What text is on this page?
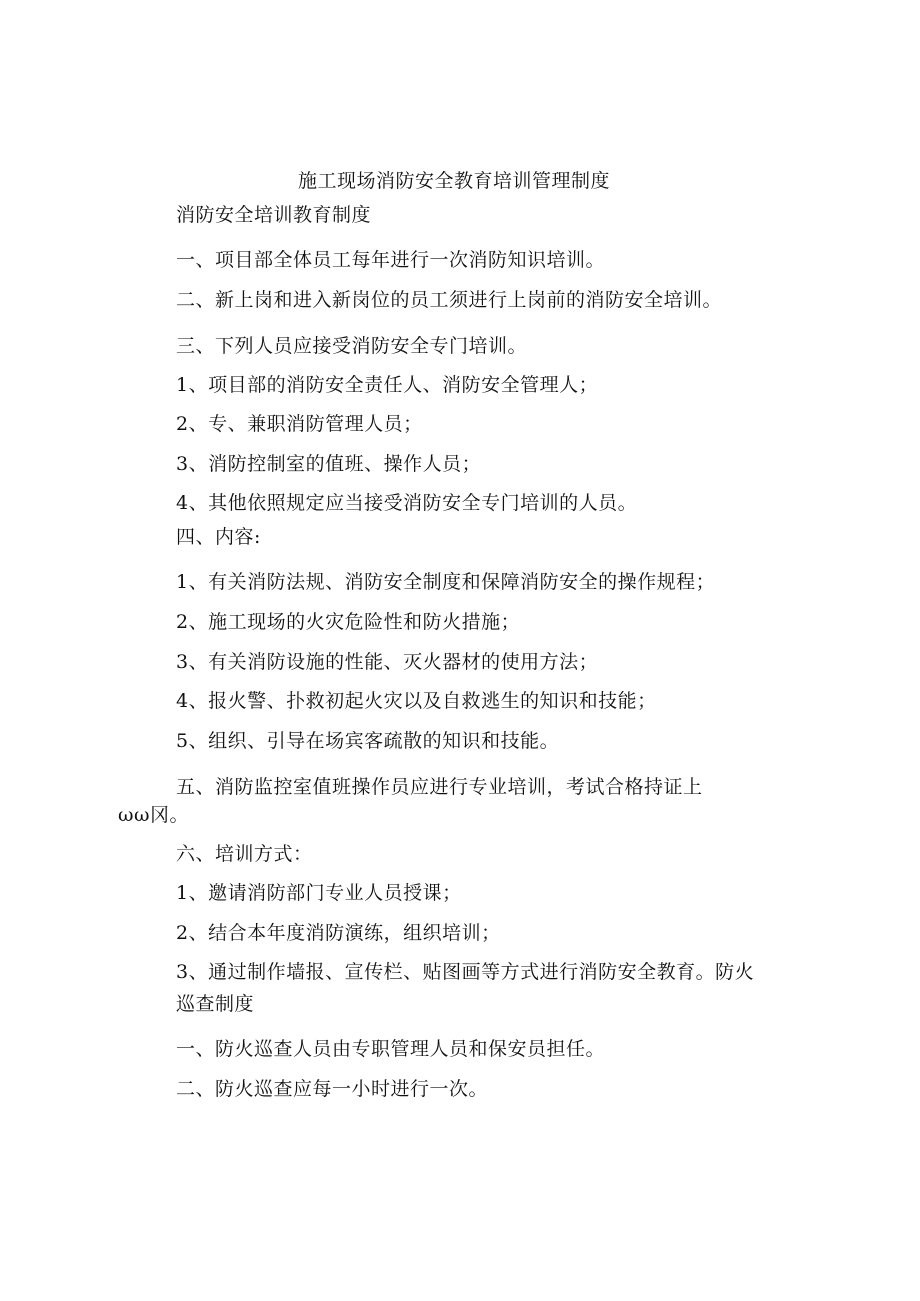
施工现场消防安全教育培训管理制度
消防安全培训教育制度
一、项目部全体员工每年进行一次消防知识培训。
二、新上岗和进入新岗位的员工须进行上岗前的消防安全培训。
三、下列人员应接受消防安全专门培训。
1、项目部的消防安全责任人、消防安全管理人；
2、专、兼职消防管理人员；
3、消防控制室的值班、操作人员；
4、其他依照规定应当接受消防安全专门培训的人员。
四、内容:
1、有关消防法规、消防安全制度和保障消防安全的操作规程；
2、施工现场的火灾危险性和防火措施；
3、有关消防设施的性能、灭火器材的使用方法；
4、报火警、扑救初起火灾以及自救逃生的知识和技能；
5、组织、引导在场宾客疏散的知识和技能。
五、消防监控室值班操作员应进行专业培训，考试合格持证上
ωω冈。
六、培训方式：
1、邀请消防部门专业人员授课；
2、结合本年度消防演练，组织培训；
3、通过制作墙报、宣传栏、贴图画等方式进行消防安全教育。防火
巡查制度
一、防火巡查人员由专职管理人员和保安员担任。
二、防火巡查应每一小时进行一次。
